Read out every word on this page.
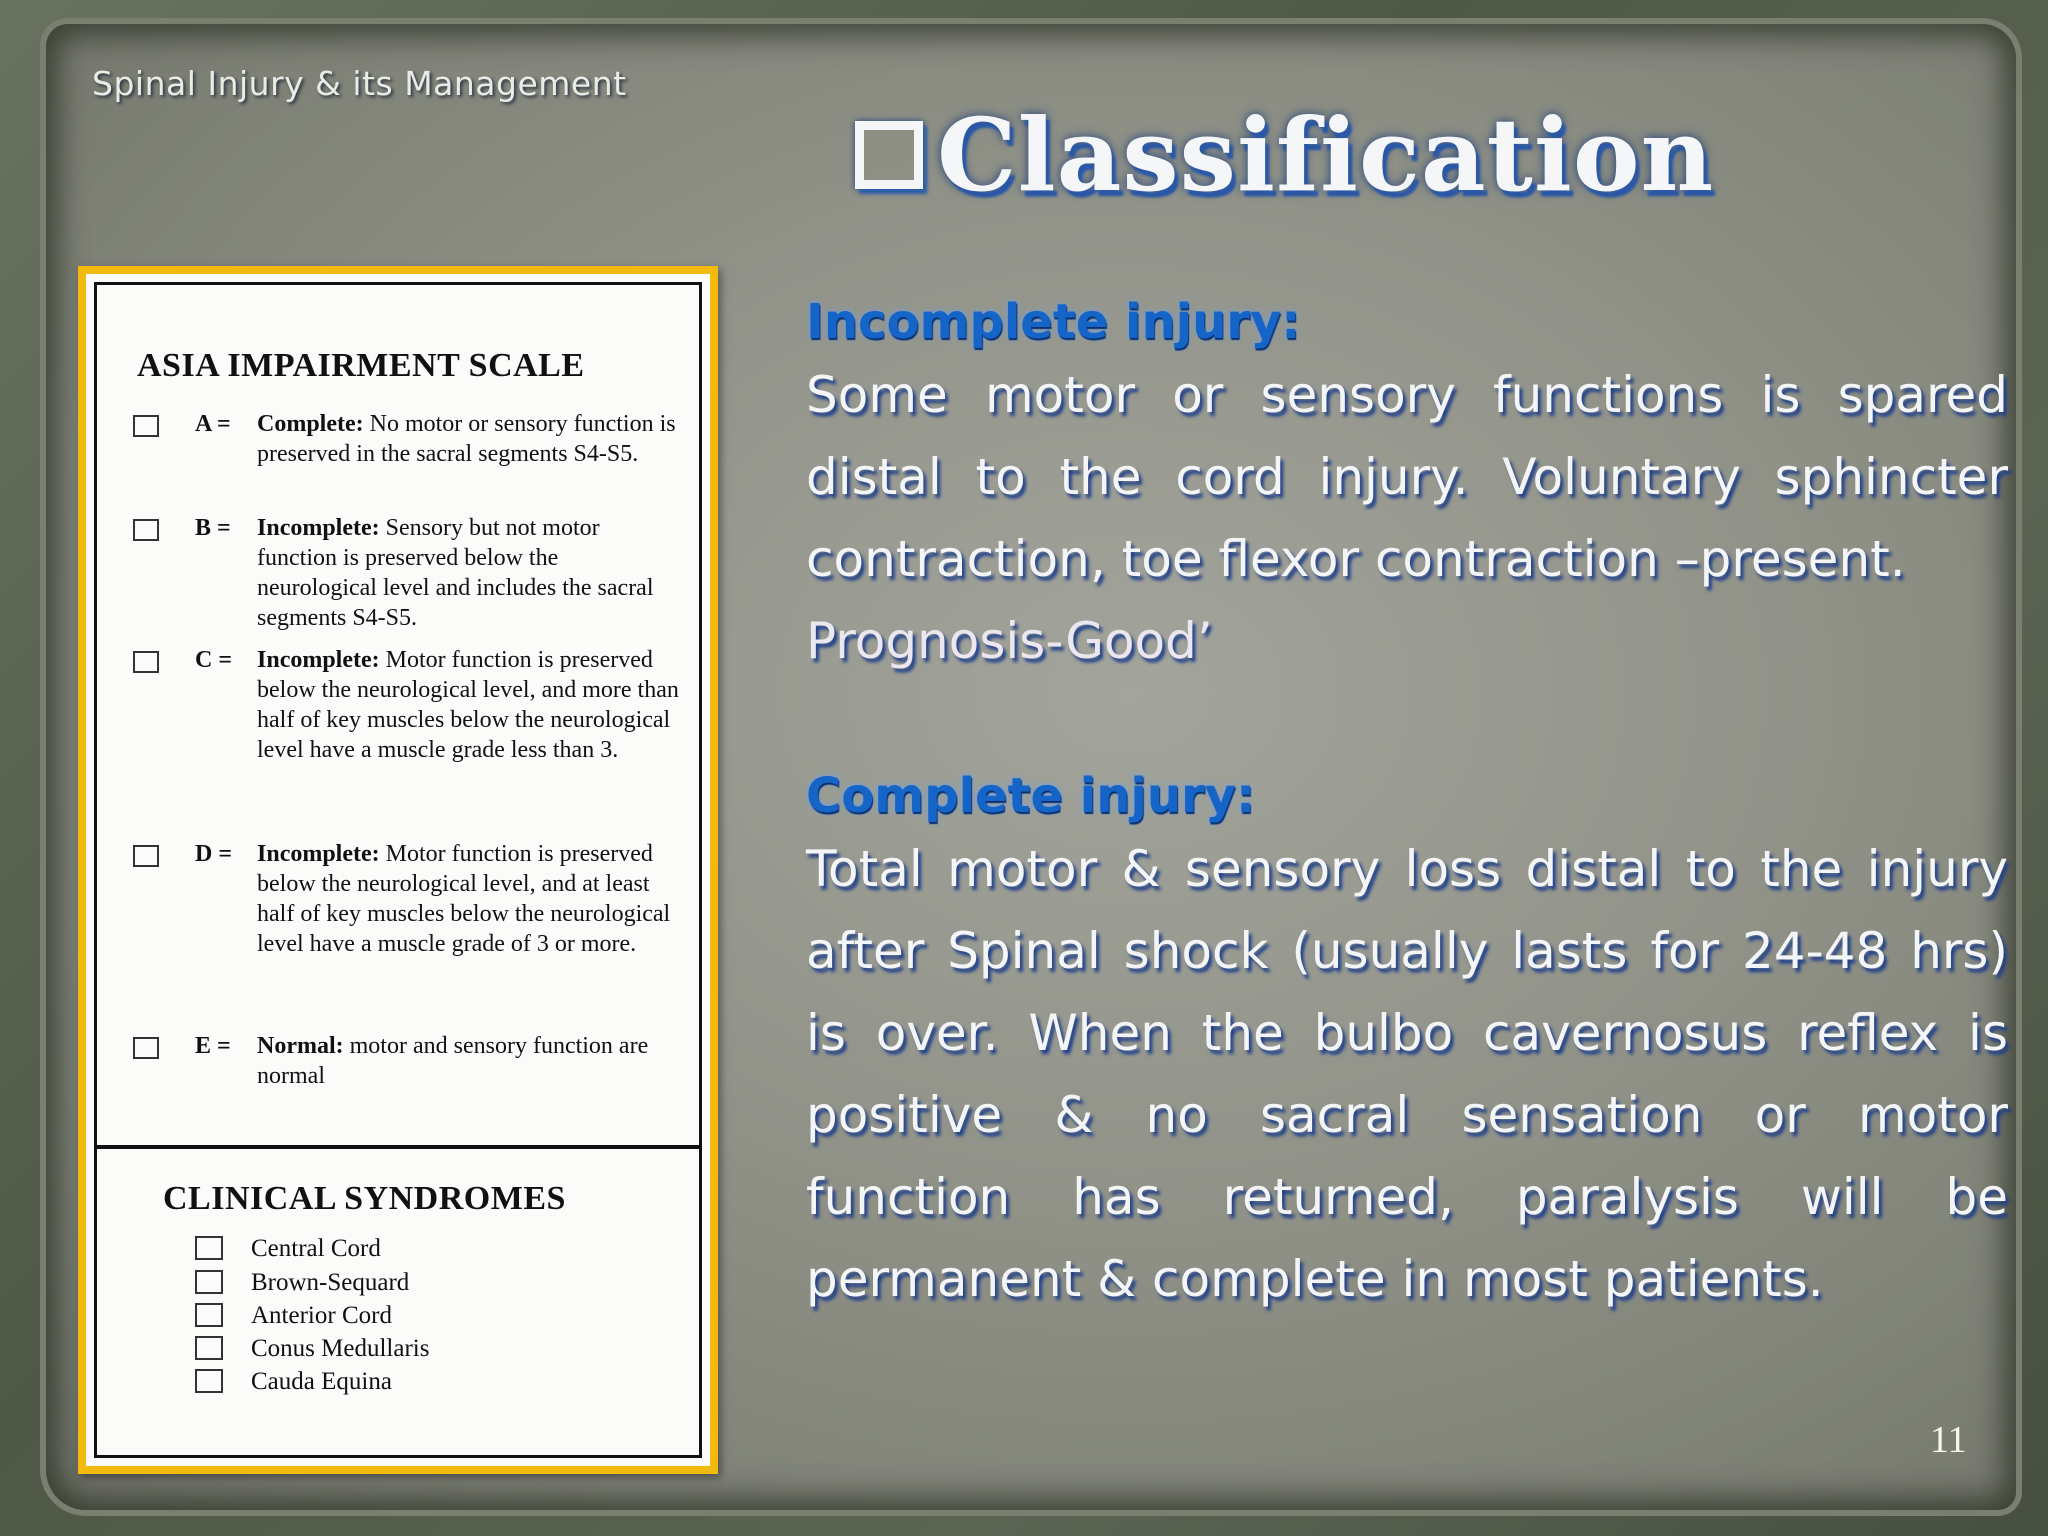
Spinal Injury & its Management
Classification
ASIA IMPAIRMENT SCALE
A = Complete: No motor or sensory function is preserved in the sacral segments S4-S5.
B = Incomplete: Sensory but not motor function is preserved below the neurological level and includes the sacral segments S4-S5.
C = Incomplete: Motor function is preserved below the neurological level, and more than half of key muscles below the neurological level have a muscle grade less than 3.
D = Incomplete: Motor function is preserved below the neurological level, and at least half of key muscles below the neurological level have a muscle grade of 3 or more.
E = Normal: motor and sensory function are normal
CLINICAL SYNDROMES
Central Cord
Brown-Sequard
Anterior Cord
Conus Medullaris
Cauda Equina
Incomplete injury:
Some motor or sensory functions is spared distal to the cord injury. Voluntary sphincter contraction, toe flexor contraction –present.
Prognosis-Good’
Complete injury:
Total motor & sensory loss distal to the injury after Spinal shock (usually lasts for 24-48 hrs) is over. When the bulbo cavernosus reflex is positive & no sacral sensation or motor function has returned, paralysis will be permanent & complete in most patients.
11
